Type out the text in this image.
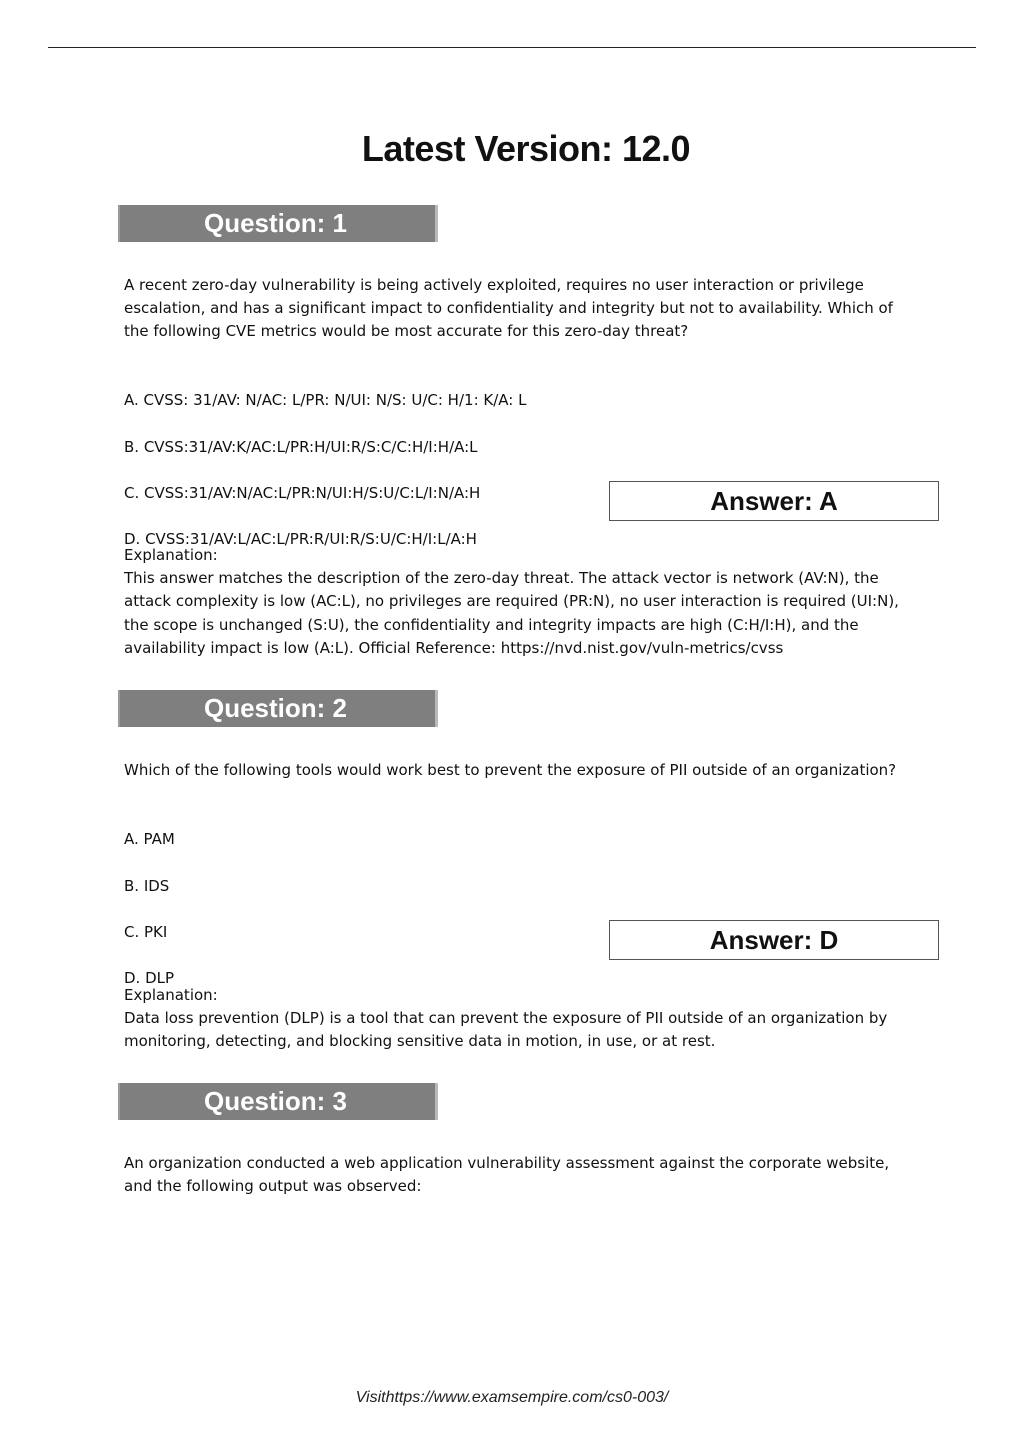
Latest Version: 12.0
Question: 1
A recent zero-day vulnerability is being actively exploited, requires no user interaction or privilege
escalation, and has a significant impact to confidentiality and integrity but not to availability. Which of
the following CVE metrics would be most accurate for this zero-day threat?

A. CVSS: 31/AV: N/AC: L/PR: N/UI: N/S: U/C: H/1: K/A: L

B. CVSS:31/AV:K/AC:L/PR:H/UI:R/S:C/C:H/I:H/A:L

C. CVSS:31/AV:N/AC:L/PR:N/UI:H/S:U/C:L/I:N/A:H

D. CVSS:31/AV:L/AC:L/PR:R/UI:R/S:U/C:H/I:L/A:H

Answer: A
Explanation:
This answer matches the description of the zero-day threat. The attack vector is network (AV:N), the
attack complexity is low (AC:L), no privileges are required (PR:N), no user interaction is required (UI:N),
the scope is unchanged (S:U), the confidentiality and integrity impacts are high (C:H/I:H), and the
availability impact is low (A:L). Official Reference: https://nvd.nist.gov/vuln-metrics/cvss
Question: 2
Which of the following tools would work best to prevent the exposure of PII outside of an organization?

A. PAM

B. IDS

C. PKI

D. DLP

Answer: D
Explanation:
Data loss prevention (DLP) is a tool that can prevent the exposure of PII outside of an organization by
monitoring, detecting, and blocking sensitive data in motion, in use, or at rest.
Question: 3
An organization conducted a web application vulnerability assessment against the corporate website,
and the following output was observed:
Visithttps://www.examsempire.com/cs0-003/
